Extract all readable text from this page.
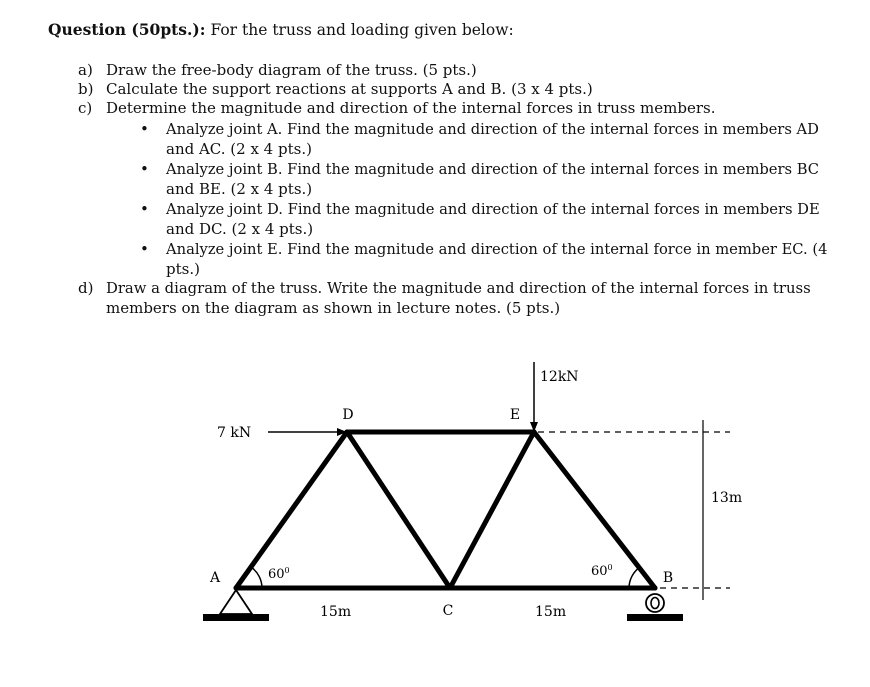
Question (50pts.): For the truss and loading given below:
a) Draw the free-body diagram of the truss. (5 pts.)
b) Calculate the support reactions at supports A and B. (3 x 4 pts.)
c) Determine the magnitude and direction of the internal forces in truss members.
• Analyze joint A. Find the magnitude and direction of the internal forces in members AD
and AC. (2 x 4 pts.)
• Analyze joint B. Find the magnitude and direction of the internal forces in members BC
and BE. (2 x 4 pts.)
• Analyze joint D. Find the magnitude and direction of the internal forces in members DE
and DC. (2 x 4 pts.)
• Analyze joint E. Find the magnitude and direction of the internal force in member EC. (4
pts.)
d) Draw a diagram of the truss. Write the magnitude and direction of the internal forces in truss
members on the diagram as shown in lecture notes. (5 pts.)
D	E
A	B
C
7 kN
12kN
$60^0$	$60^0$
15m	15m
13m
